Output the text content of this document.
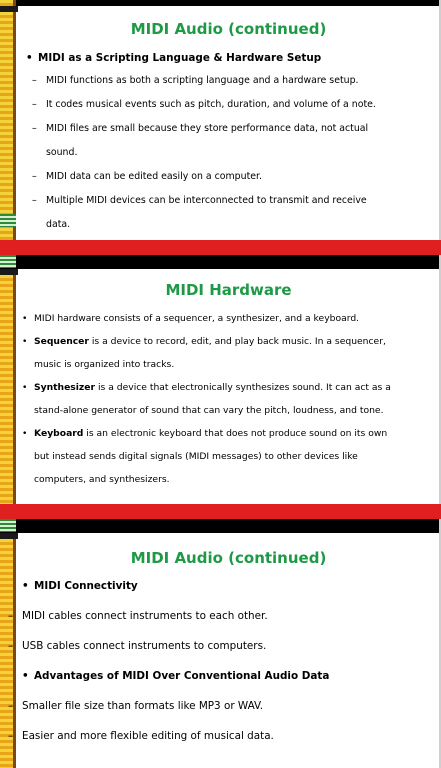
MIDI Audio (continued)
• MIDI as a Scripting Language & Hardware Setup
– MIDI functions as both a scripting language and a hardware setup.
– It codes musical events such as pitch, duration, and volume of a note.
– MIDI files are small because they store performance data, not actual
sound.
– MIDI data can be edited easily on a computer.
– Multiple MIDI devices can be interconnected to transmit and receive
data.
MIDI Hardware
• MIDI hardware consists of a sequencer, a synthesizer, and a keyboard.
• Sequencer is a device to record, edit, and play back music. In a sequencer,
music is organized into tracks.
• Synthesizer is a device that electronically synthesizes sound. It can act as a
stand-alone generator of sound that can vary the pitch, loudness, and tone.
• Keyboard is an electronic keyboard that does not produce sound on its own
but instead sends digital signals (MIDI messages) to other devices like
computers, and synthesizers.
MIDI Audio (continued)
• MIDI Connectivity
– MIDI cables connect instruments to each other.
– USB cables connect instruments to computers.
• Advantages of MIDI Over Conventional Audio Data
– Smaller file size than formats like MP3 or WAV.
– Easier and more flexible editing of musical data.
